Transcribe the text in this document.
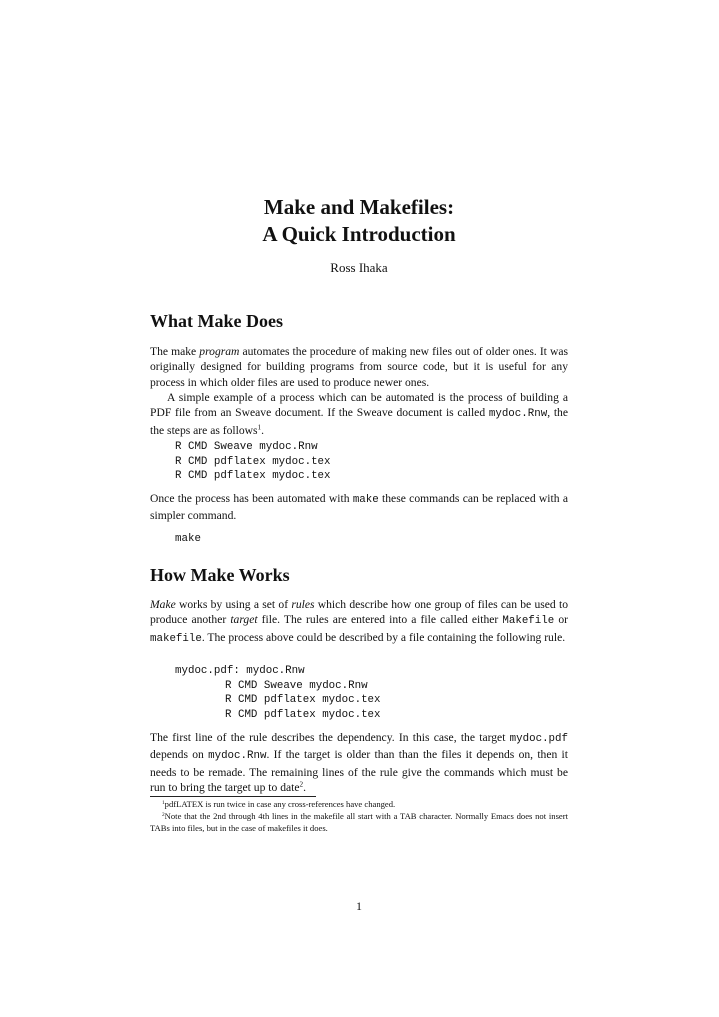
Make and Makefiles:
A Quick Introduction

Ross Ihaka

What Make Does

The make program automates the procedure of making new files out of older ones. It was originally designed for building programs from source code, but it is useful for any process in which older files are used to produce newer ones.

A simple example of a process which can be automated is the process of building a PDF file from an Sweave document. If the Sweave document is called mydoc.Rnw, the the steps are as follows$^1$.

R CMD Sweave mydoc.Rnw
R CMD pdflatex mydoc.tex
R CMD pdflatex mydoc.tex

Once the process has been automated with make these commands can be replaced with a simpler command.

make
How Make Works

Make works by using a set of rules which describe how one group of files can be used to produce another target file. The rules are entered into a file called either Makefile or makefile. The process above could be described by a file containing the following rule.

mydoc.pdf: mydoc.Rnw
R CMD Sweave mydoc.Rnw
R CMD pdflatex mydoc.tex
R CMD pdflatex mydoc.tex

The first line of the rule describes the dependency. In this case, the target mydoc.pdf depends on mydoc.Rnw. If the target is older than than the files it depends on, then it needs to be remade. The remaining lines of the rule give the commands which must be run to bring the target up to date$^2$.

$^1$pdfLATEX is run twice in case any cross-references have changed.

$^2$Note that the 2nd through 4th lines in the makefile all start with a TAB character. Normally Emacs does not insert TABs into files, but in the case of makefiles it does.

1
